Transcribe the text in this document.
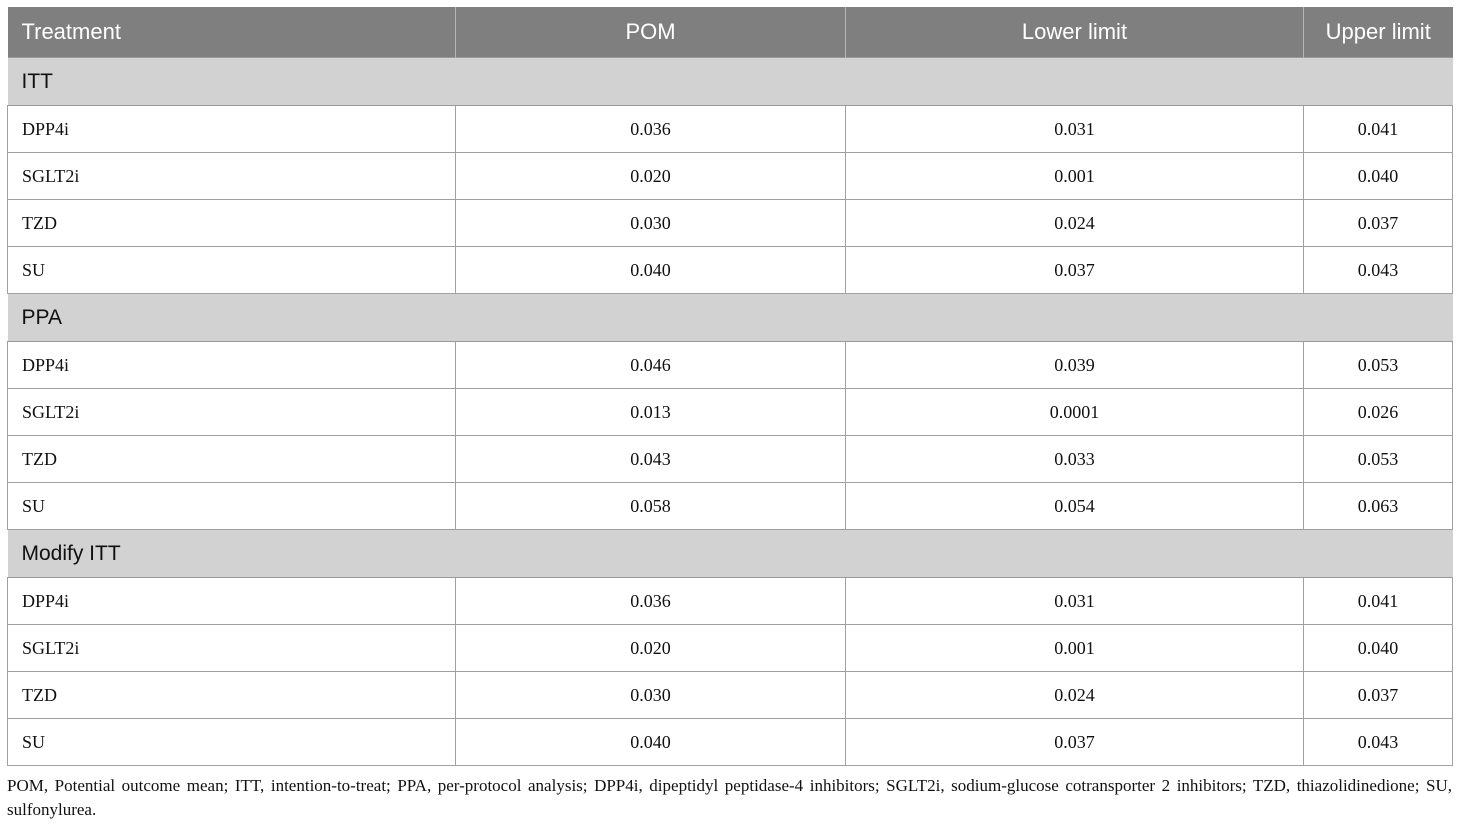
Treatment	POM	Lower limit	Upper limit
ITT			
DPP4i	0.036	0.031	0.041
SGLT2i	0.020	0.001	0.040
TZD	0.030	0.024	0.037
SU	0.040	0.037	0.043
PPA			
DPP4i	0.046	0.039	0.053
SGLT2i	0.013	0.0001	0.026
TZD	0.043	0.033	0.053
SU	0.058	0.054	0.063
Modify ITT			
DPP4i	0.036	0.031	0.041
SGLT2i	0.020	0.001	0.040
TZD	0.030	0.024	0.037
SU	0.040	0.037	0.043
POM, Potential outcome mean; ITT, intention-to-treat; PPA, per-protocol analysis; DPP4i, dipeptidyl peptidase-4 inhibitors; SGLT2i, sodium-glucose cotransporter 2 inhibitors; TZD, thiazolidinedione; SU, sulfonylurea.
